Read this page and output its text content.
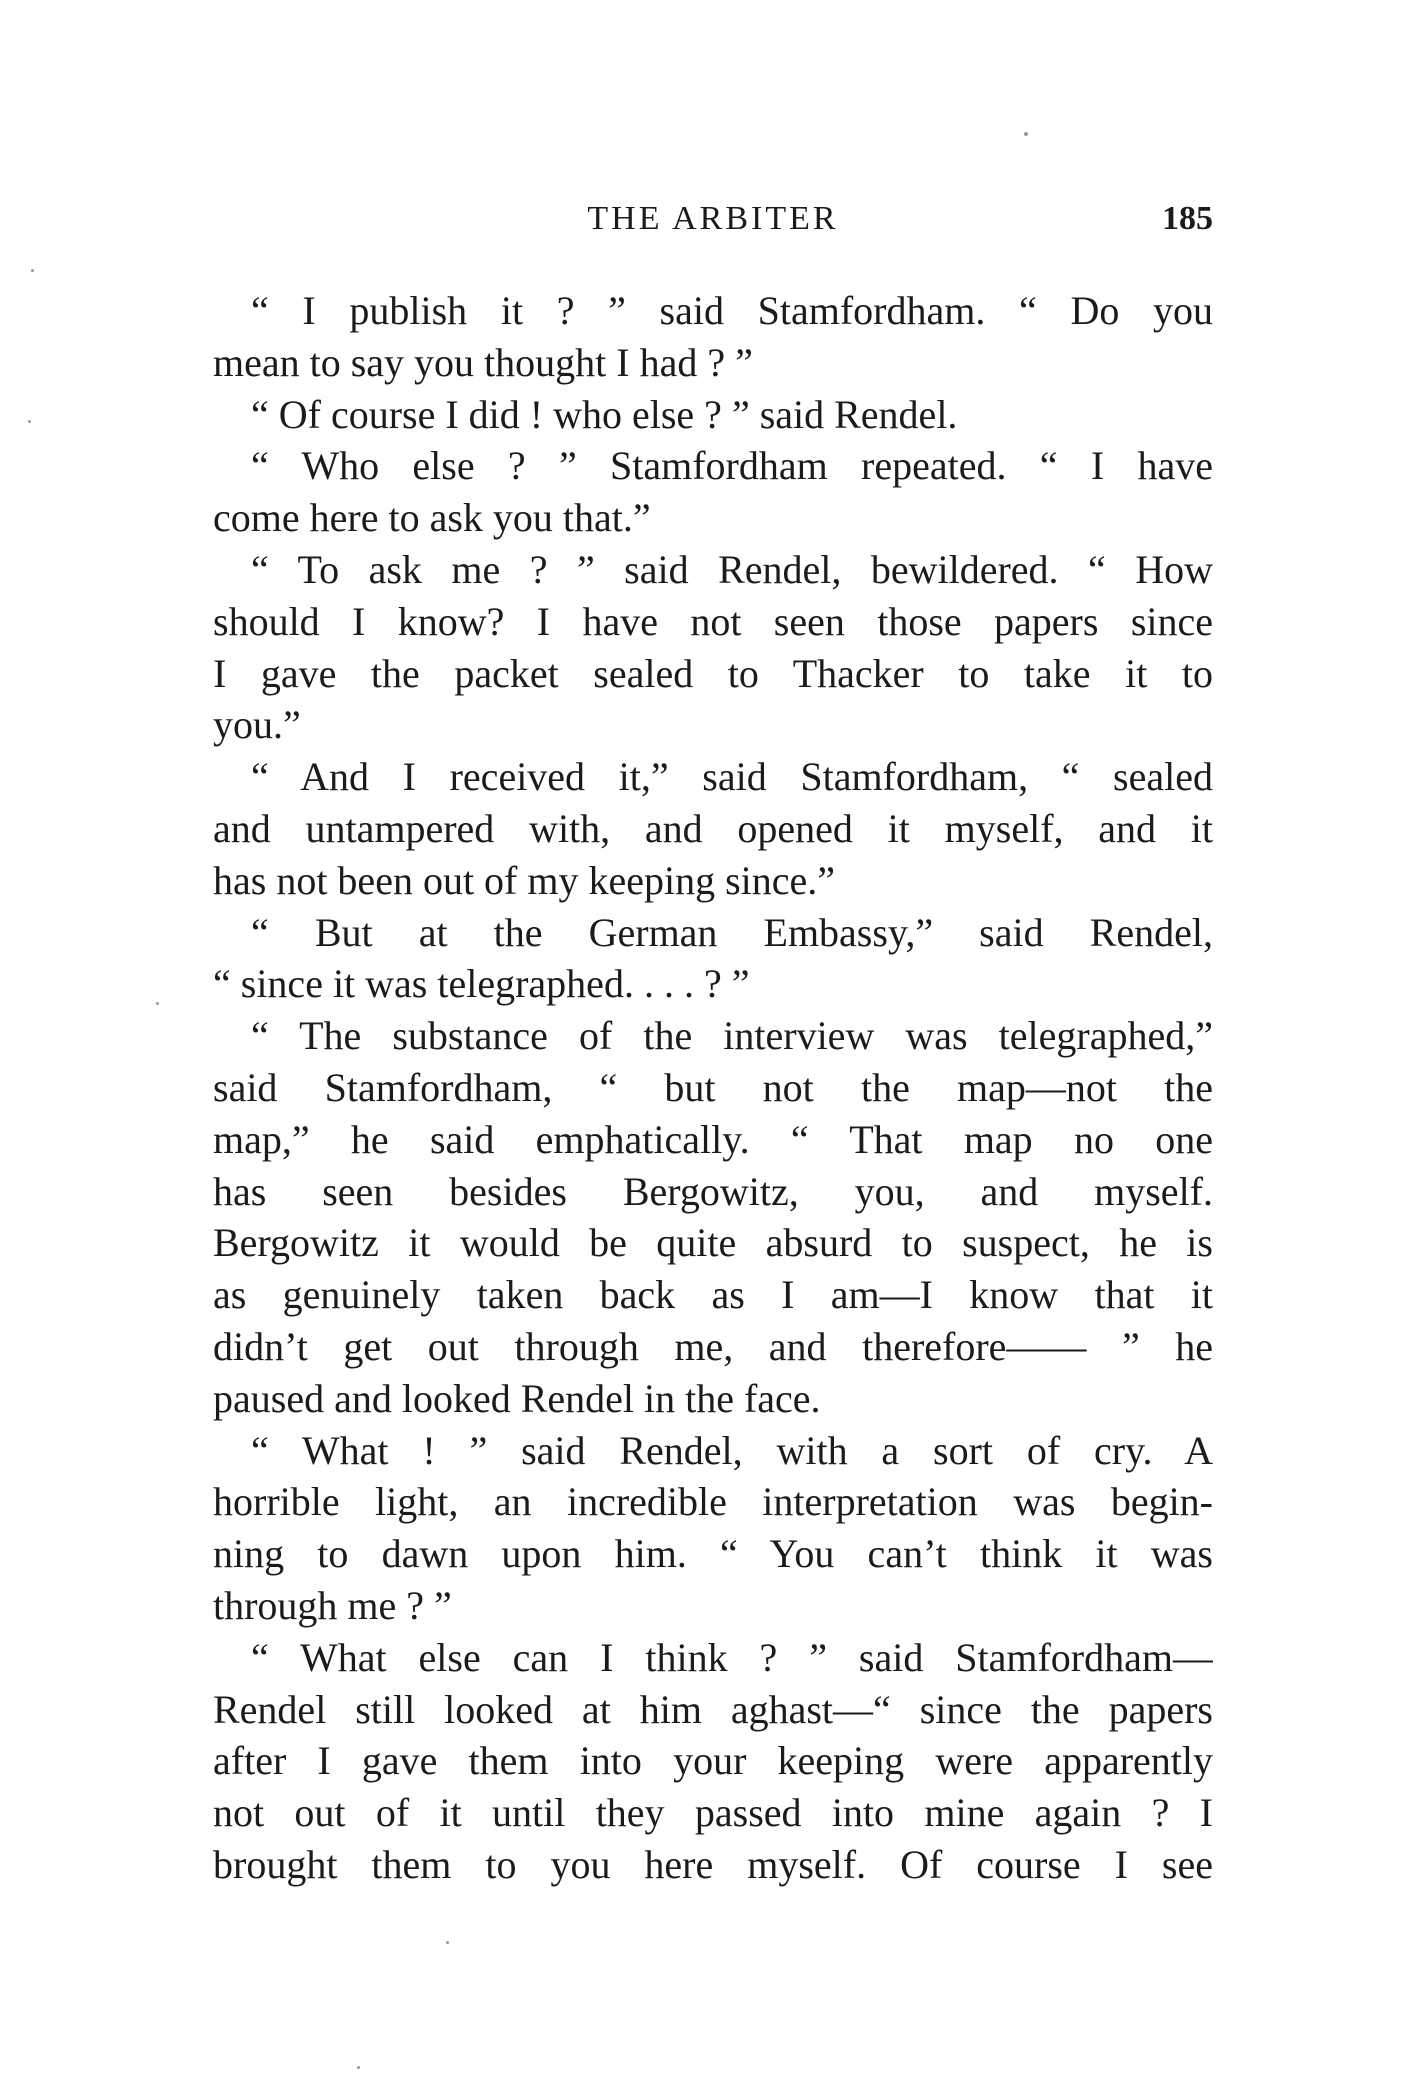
THE ARBITER	185
“ I publish it ? ” said Stamfordham. “ Do you
mean to say you thought I had ? ”
“ Of course I did ! who else ? ” said Rendel.
“ Who else ? ” Stamfordham repeated. “ I have
come here to ask you that.”
“ To ask me ? ” said Rendel, bewildered. “ How
should I know? I have not seen those papers since
I gave the packet sealed to Thacker to take it to
you.”
“ And I received it,” said Stamfordham, “ sealed
and untampered with, and opened it myself, and it
has not been out of my keeping since.”
“ But at the German Embassy,” said Rendel,
“ since it was telegraphed. . . . ? ”
“ The substance of the interview was telegraphed,”
said Stamfordham, “ but not the map—not the
map,” he said emphatically. “ That map no one
has seen besides Bergowitz, you, and myself.
Bergowitz it would be quite absurd to suspect, he is
as genuinely taken back as I am—I know that it
didn’t get out through me, and therefore—— ” he
paused and looked Rendel in the face.
“ What ! ” said Rendel, with a sort of cry. A
horrible light, an incredible interpretation was begin-
ning to dawn upon him. “ You can’t think it was
through me ? ”
“ What else can I think ? ” said Stamfordham—
Rendel still looked at him aghast—“ since the papers
after I gave them into your keeping were apparently
not out of it until they passed into mine again ? I
brought them to you here myself. Of course I see
